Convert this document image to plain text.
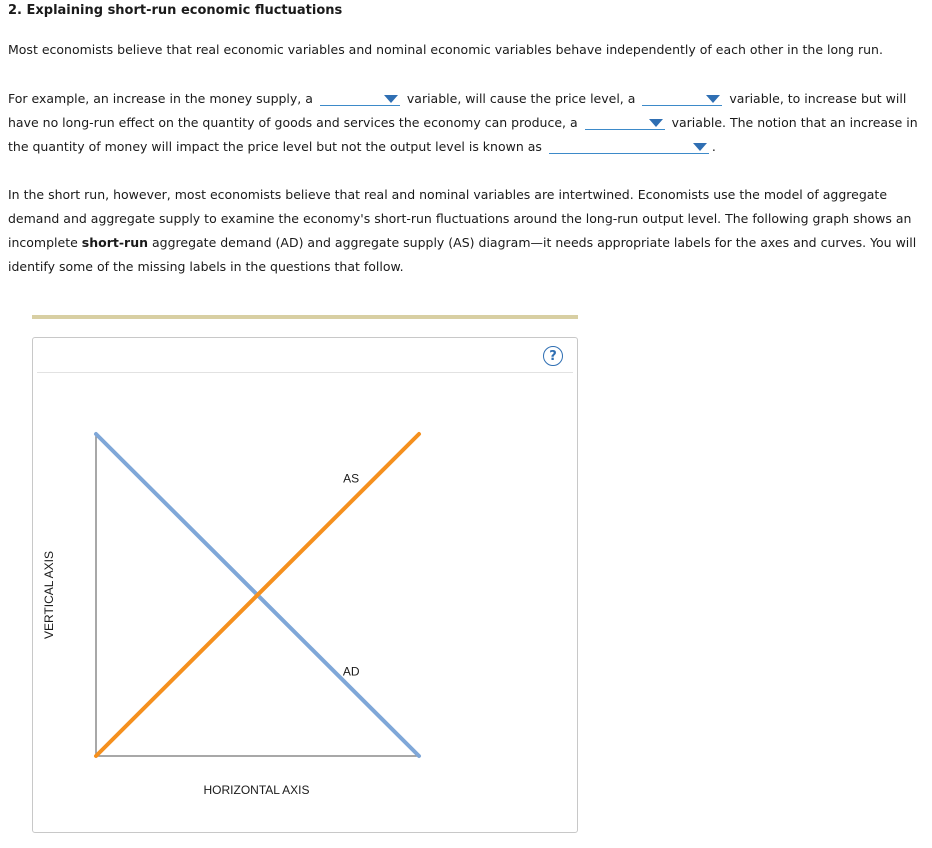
2. Explaining short-run economic fluctuations
Most economists believe that real economic variables and nominal economic variables behave independently of each other in the long run.
For example, an increase in the money supply, a	variable, will cause the price level, a	variable, to increase but will have no long-run effect on the quantity of goods and services the economy can produce, a	variable. The notion that an increase in the quantity of money will impact the price level but not the output level is known as	.
In the short run, however, most economists believe that real and nominal variables are intertwined. Economists use the model of aggregate demand and aggregate supply to examine the economy's short-run fluctuations around the long-run output level. The following graph shows an incomplete short-run aggregate demand (AD) and aggregate supply (AS) diagram—it needs appropriate labels for the axes and curves. You will identify some of the missing labels in the questions that follow.
?
AD
AS
VERTICAL AXIS
HORIZONTAL AXIS
